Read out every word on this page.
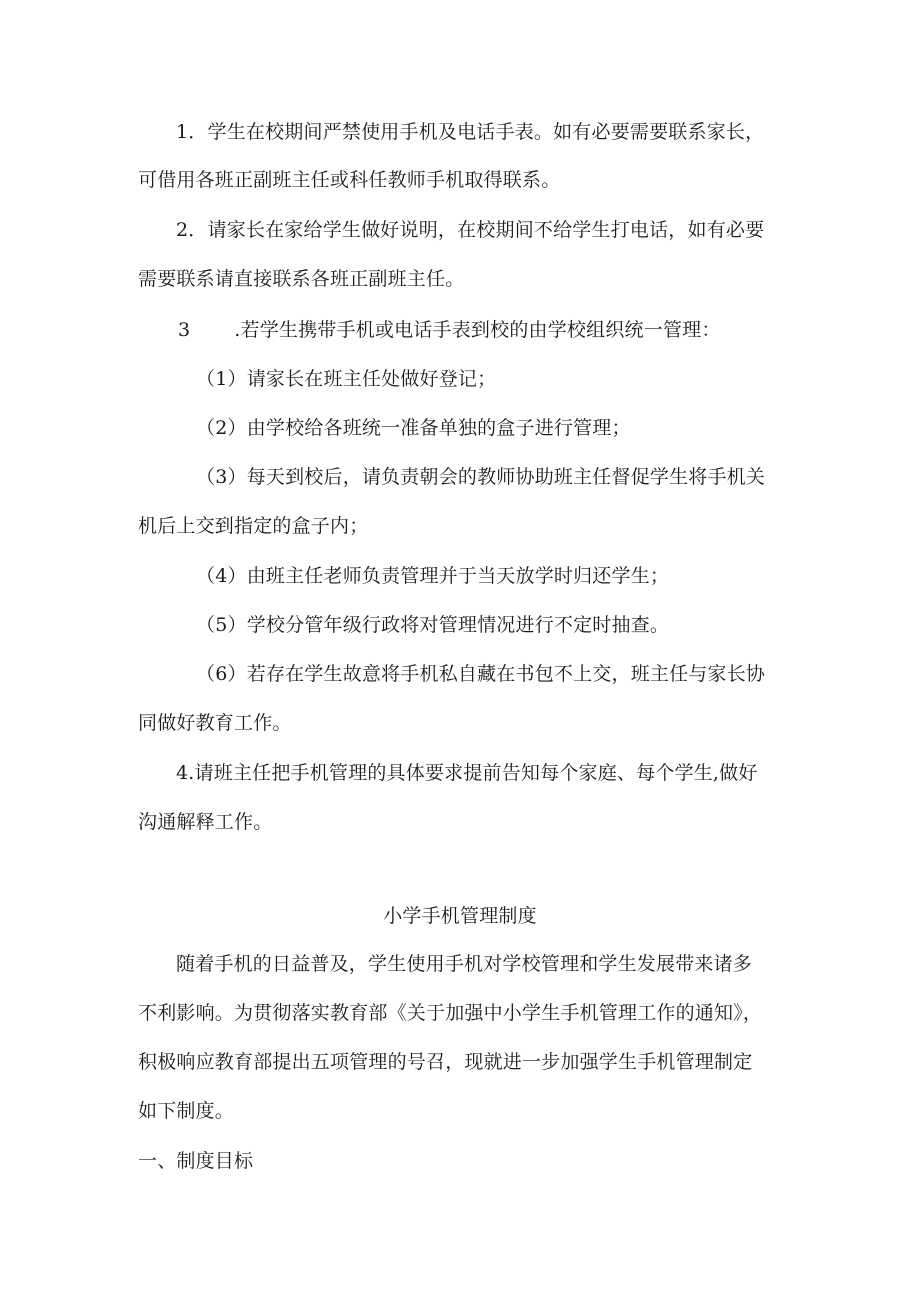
1．学生在校期间严禁使用手机及电话手表。如有必要需要联系家长，
可借用各班正副班主任或科任教师手机取得联系。
2．请家长在家给学生做好说明，在校期间不给学生打电话，如有必要
需要联系请直接联系各班正副班主任。
3 .若学生携带手机或电话手表到校的由学校组织统一管理：
（1）请家长在班主任处做好登记；
（2）由学校给各班统一准备单独的盒子进行管理；
（3）每天到校后，请负责朝会的教师协助班主任督促学生将手机关
机后上交到指定的盒子内；
（4）由班主任老师负责管理并于当天放学时归还学生；
（5）学校分管年级行政将对管理情况进行不定时抽查。
（6）若存在学生故意将手机私自藏在书包不上交，班主任与家长协
同做好教育工作。
4.请班主任把手机管理的具体要求提前告知每个家庭、每个学生,做好
沟通解释工作。
小学手机管理制度
随着手机的日益普及，学生使用手机对学校管理和学生发展带来诸多
不利影响。为贯彻落实教育部《关于加强中小学生手机管理工作的通知》，
积极响应教育部提出五项管理的号召，现就进一步加强学生手机管理制定
如下制度。
一、制度目标
